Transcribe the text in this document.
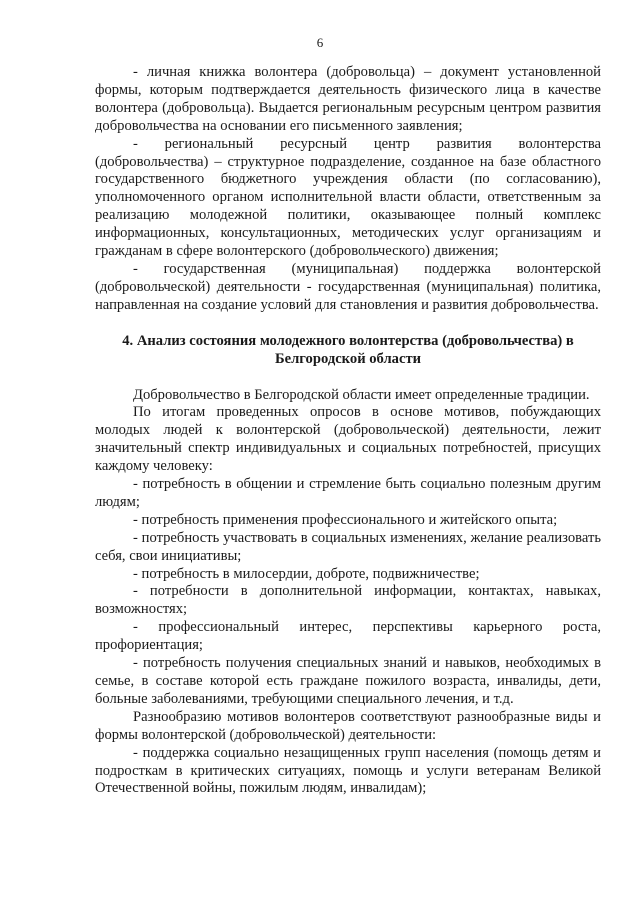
6

- личная книжка волонтера (добровольца) – документ установленной формы, которым подтверждается деятельность физического лица в качестве волонтера (добровольца). Выдается региональным ресурсным центром развития добровольчества на основании его письменного заявления;

- региональный ресурсный центр развития волонтерства (добровольчества) – структурное подразделение, созданное на базе областного государственного бюджетного учреждения области (по согласованию), уполномоченного органом исполнительной власти области, ответственным за реализацию молодежной политики, оказывающее полный комплекс информационных, консультационных, методических услуг организациям и гражданам в сфере волонтерского (добровольческого) движения;

- государственная (муниципальная) поддержка волонтерской (добровольческой) деятельности - государственная (муниципальная) политика, направленная на создание условий для становления и развития добровольчества.

4. Анализ состояния молодежного волонтерства (добровольчества) в Белгородской области

Добровольчество в Белгородской области имеет определенные традиции.

По итогам проведенных опросов в основе мотивов, побуждающих молодых людей к волонтерской (добровольческой) деятельности, лежит значительный спектр индивидуальных и социальных потребностей, присущих каждому человеку:

- потребность в общении и стремление быть социально полезным другим людям;

- потребность применения профессионального и житейского опыта;

- потребность участвовать в социальных изменениях, желание реализовать себя, свои инициативы;

- потребность в милосердии, доброте, подвижничестве;

- потребности в дополнительной информации, контактах, навыках, возможностях;

- профессиональный интерес, перспективы карьерного роста, профориентация;

- потребность получения специальных знаний и навыков, необходимых в семье, в составе которой есть граждане пожилого возраста, инвалиды, дети, больные заболеваниями, требующими специального лечения, и т.д.

Разнообразию мотивов волонтеров соответствуют разнообразные виды и формы волонтерской (добровольческой) деятельности:

- поддержка социально незащищенных групп населения (помощь детям и подросткам в критических ситуациях, помощь и услуги ветеранам Великой Отечественной войны, пожилым людям, инвалидам);
